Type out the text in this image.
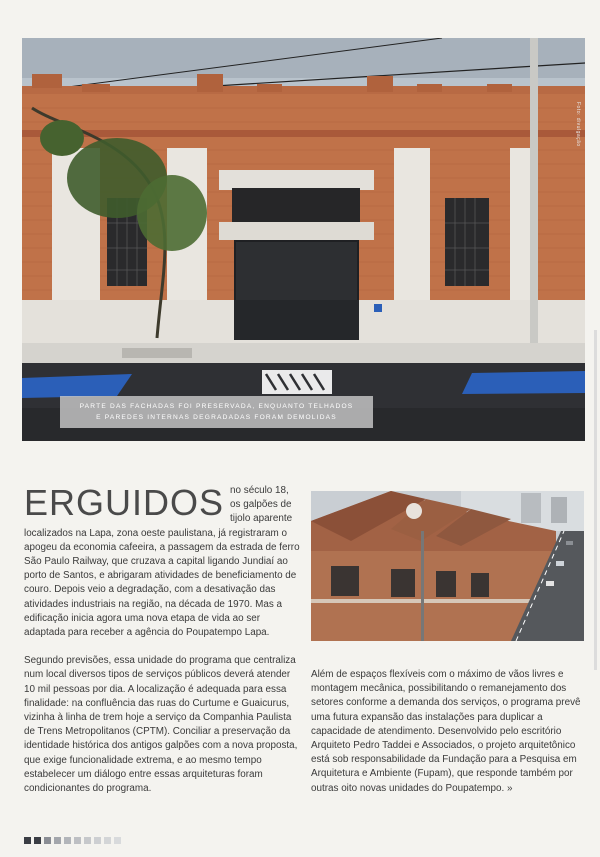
Foto: divulgação
PARTE DAS FACHADAS FOI PRESERVADA, ENQUANTO TELHADOS
E PAREDES INTERNAS DEGRADADAS FORAM DEMOLIDAS
ERGUIDOS no século 18, os galpões de tijolo aparente localizados na Lapa, zona oeste paulistana, já registraram o apogeu da economia cafeeira, a passagem da estrada de ferro São Paulo Railway, que cruzava a capital ligando Jundiaí ao porto de Santos, e abrigaram atividades de beneficiamento de couro. Depois veio a degradação, com a desativação das atividades industriais na região, na década de 1970. Mas a edificação inicia agora uma nova etapa de vida ao ser adaptada para receber a agência do Poupatempo Lapa.

Segundo previsões, essa unidade do programa que centraliza num local diversos tipos de serviços públicos deverá atender 10 mil pessoas por dia. A localização é adequada para essa finalidade: na confluência das ruas do Curtume e Guaicurus, vizinha à linha de trem hoje a serviço da Companhia Paulista de Trens Metropolitanos (CPTM). Conciliar a preservação da identidade histórica dos antigos galpões com a nova proposta, que exige funcionalidade extrema, e ao mesmo tempo estabelecer um diálogo entre essas arquiteturas foram condicionantes do programa.

Além de espaços flexíveis com o máximo de vãos livres e montagem mecânica, possibilitando o remanejamento dos setores conforme a demanda dos serviços, o programa prevê uma futura expansão das instalações para duplicar a capacidade de atendimento. Desenvolvido pelo escritório Arquiteto Pedro Taddei e Associados, o projeto arquitetônico está sob responsabilidade da Fundação para a Pesquisa em Arquitetura e Ambiente (Fupam), que responde também por outras oito novas unidades do Poupatempo. »
